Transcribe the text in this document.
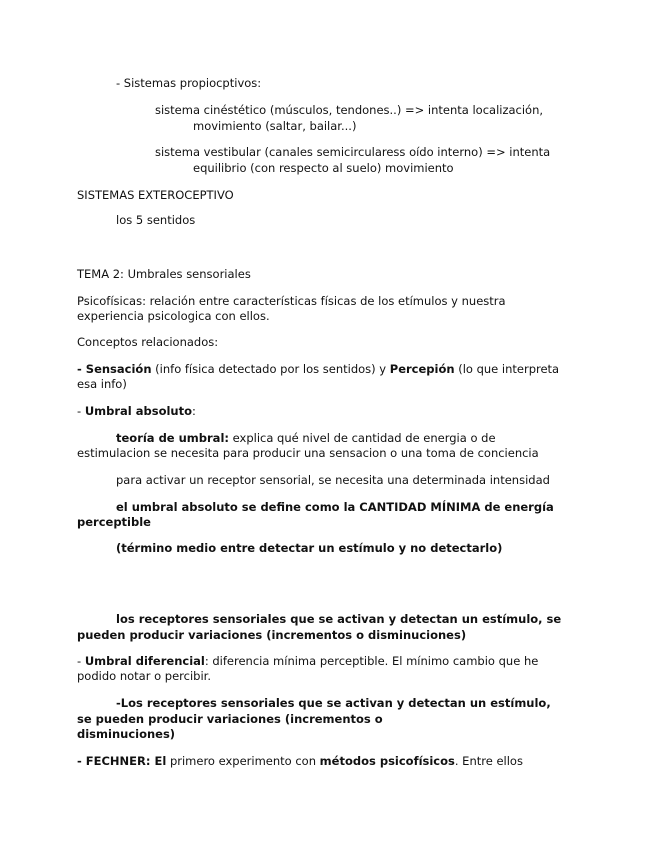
- Sistemas propiocptivos:
sistema cinéstético (músculos, tendones..) => intenta localización,
movimiento (saltar, bailar...)
sistema vestibular (canales semicircularess oído interno) => intenta
equilibrio (con respecto al suelo) movimiento
SISTEMAS EXTEROCEPTIVO
los 5 sentidos
TEMA 2: Umbrales sensoriales
Psicofísicas: relación entre características físicas de los etímulos y nuestra
experiencia psicologica con ellos.
Conceptos relacionados:
- Sensación (info física detectado por los sentidos) y Percepión (lo que interpreta
esa info)
- Umbral absoluto:
teoría de umbral: explica qué nivel de cantidad de energia o de
estimulacion se necesita para producir una sensacion o una toma de conciencia
para activar un receptor sensorial, se necesita una determinada intensidad
el umbral absoluto se define como la CANTIDAD MÍNIMA de energía
perceptible
(término medio entre detectar un estímulo y no detectarlo)
los receptores sensoriales que se activan y detectan un estímulo, se
pueden producir variaciones (incrementos o disminuciones)
- Umbral diferencial: diferencia mínima perceptible. El mínimo cambio que he
podido notar o percibir.
-Los receptores sensoriales que se activan y detectan un estímulo,
se pueden producir variaciones (incrementos o
disminuciones)
- FECHNER: El primero experimento con métodos psicofísicos. Entre ellos
